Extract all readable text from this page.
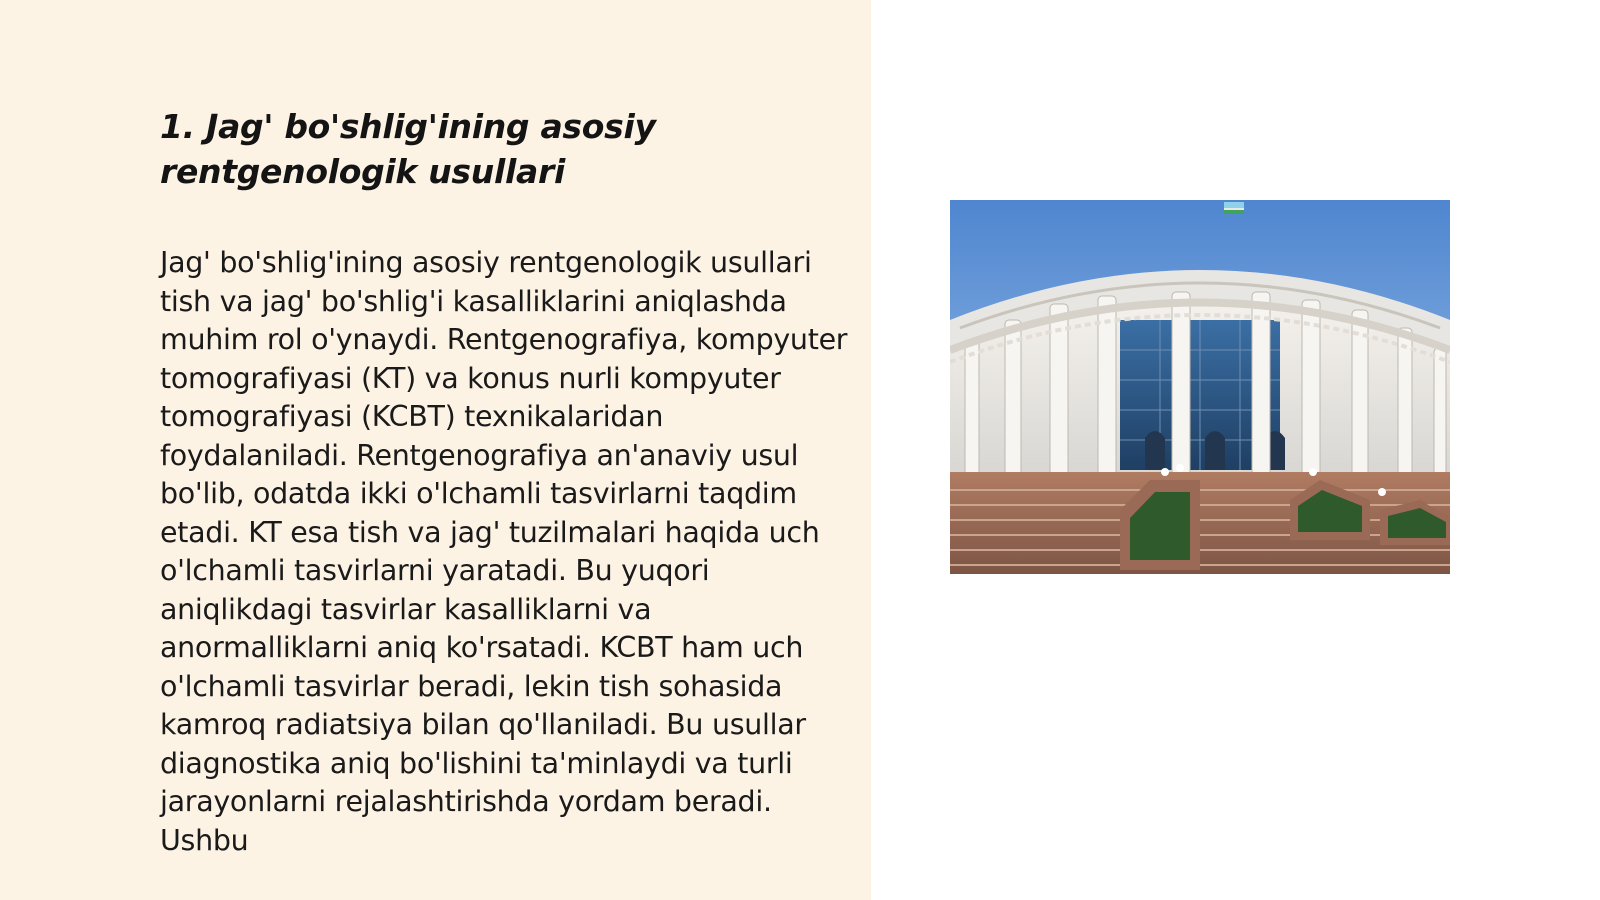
1. Jag' bo'shlig'ining asosiy rentgenologik usullari

Jag' bo'shlig'ining asosiy rentgenologik usullari tish va jag' bo'shlig'i kasalliklarini aniqlashda muhim rol o'ynaydi. Rentgenografiya, kompyuter tomografiyasi (KT) va konus nurli kompyuter tomografiyasi (KCBT) texnikalaridan foydalaniladi. Rentgenografiya an'anaviy usul bo'lib, odatda ikki o'lchamli tasvirlarni taqdim etadi. KT esa tish va jag' tuzilmalari haqida uch o'lchamli tasvirlarni yaratadi. Bu yuqori aniqlikdagi tasvirlar kasalliklarni va anormalliklarni aniq ko'rsatadi. KCBT ham uch o'lchamli tasvirlar beradi, lekin tish sohasida kamroq radiatsiya bilan qo'llaniladi. Bu usullar diagnostika aniq bo'lishini ta'minlaydi va turli jarayonlarni rejalashtirishda yordam beradi. Ushbu
